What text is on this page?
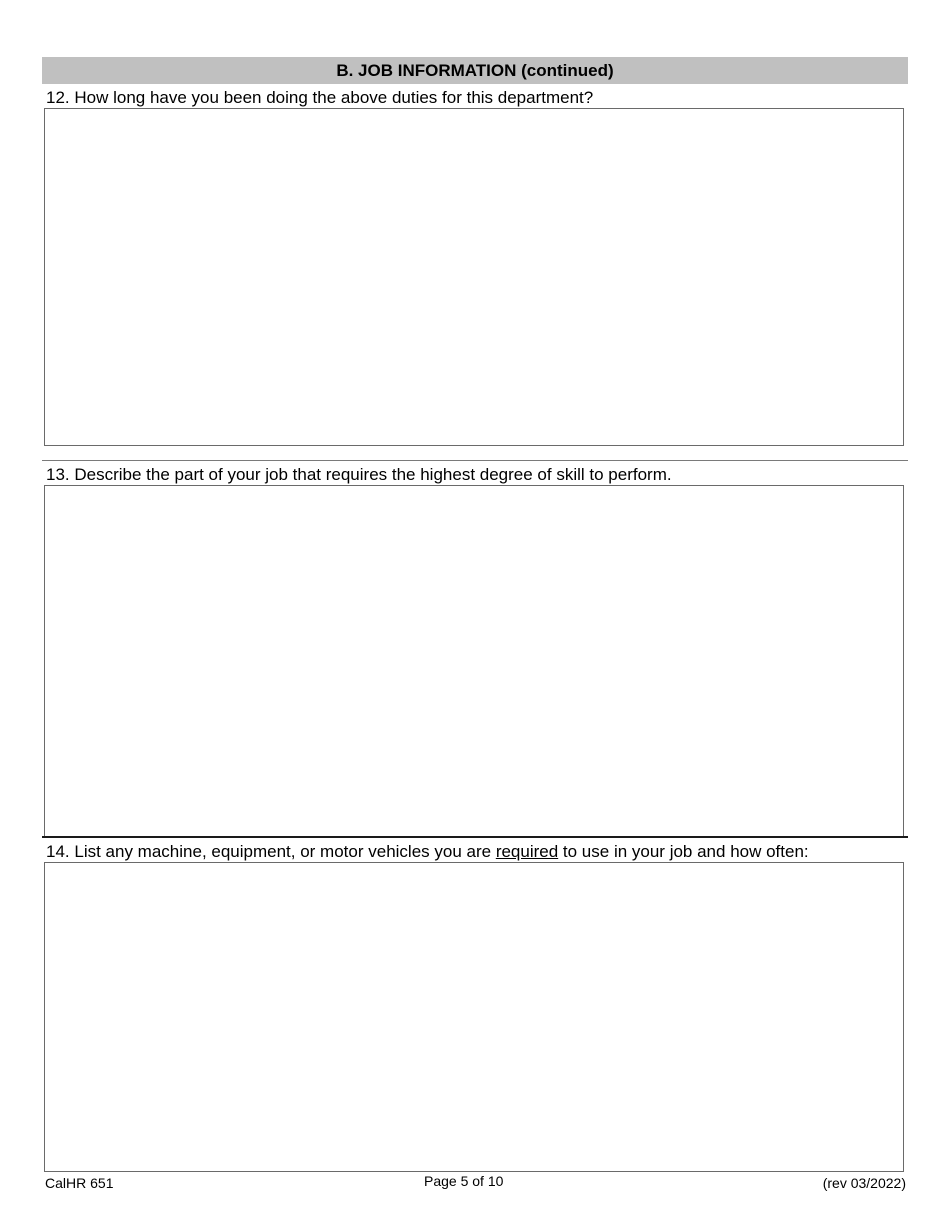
B. JOB INFORMATION (continued)
12. How long have you been doing the above duties for this department?
13. Describe the part of your job that requires the highest degree of skill to perform.
14. List any machine, equipment, or motor vehicles you are required to use in your job and how often:
CalHR 651	Page 5 of 10	(rev 03/2022)
